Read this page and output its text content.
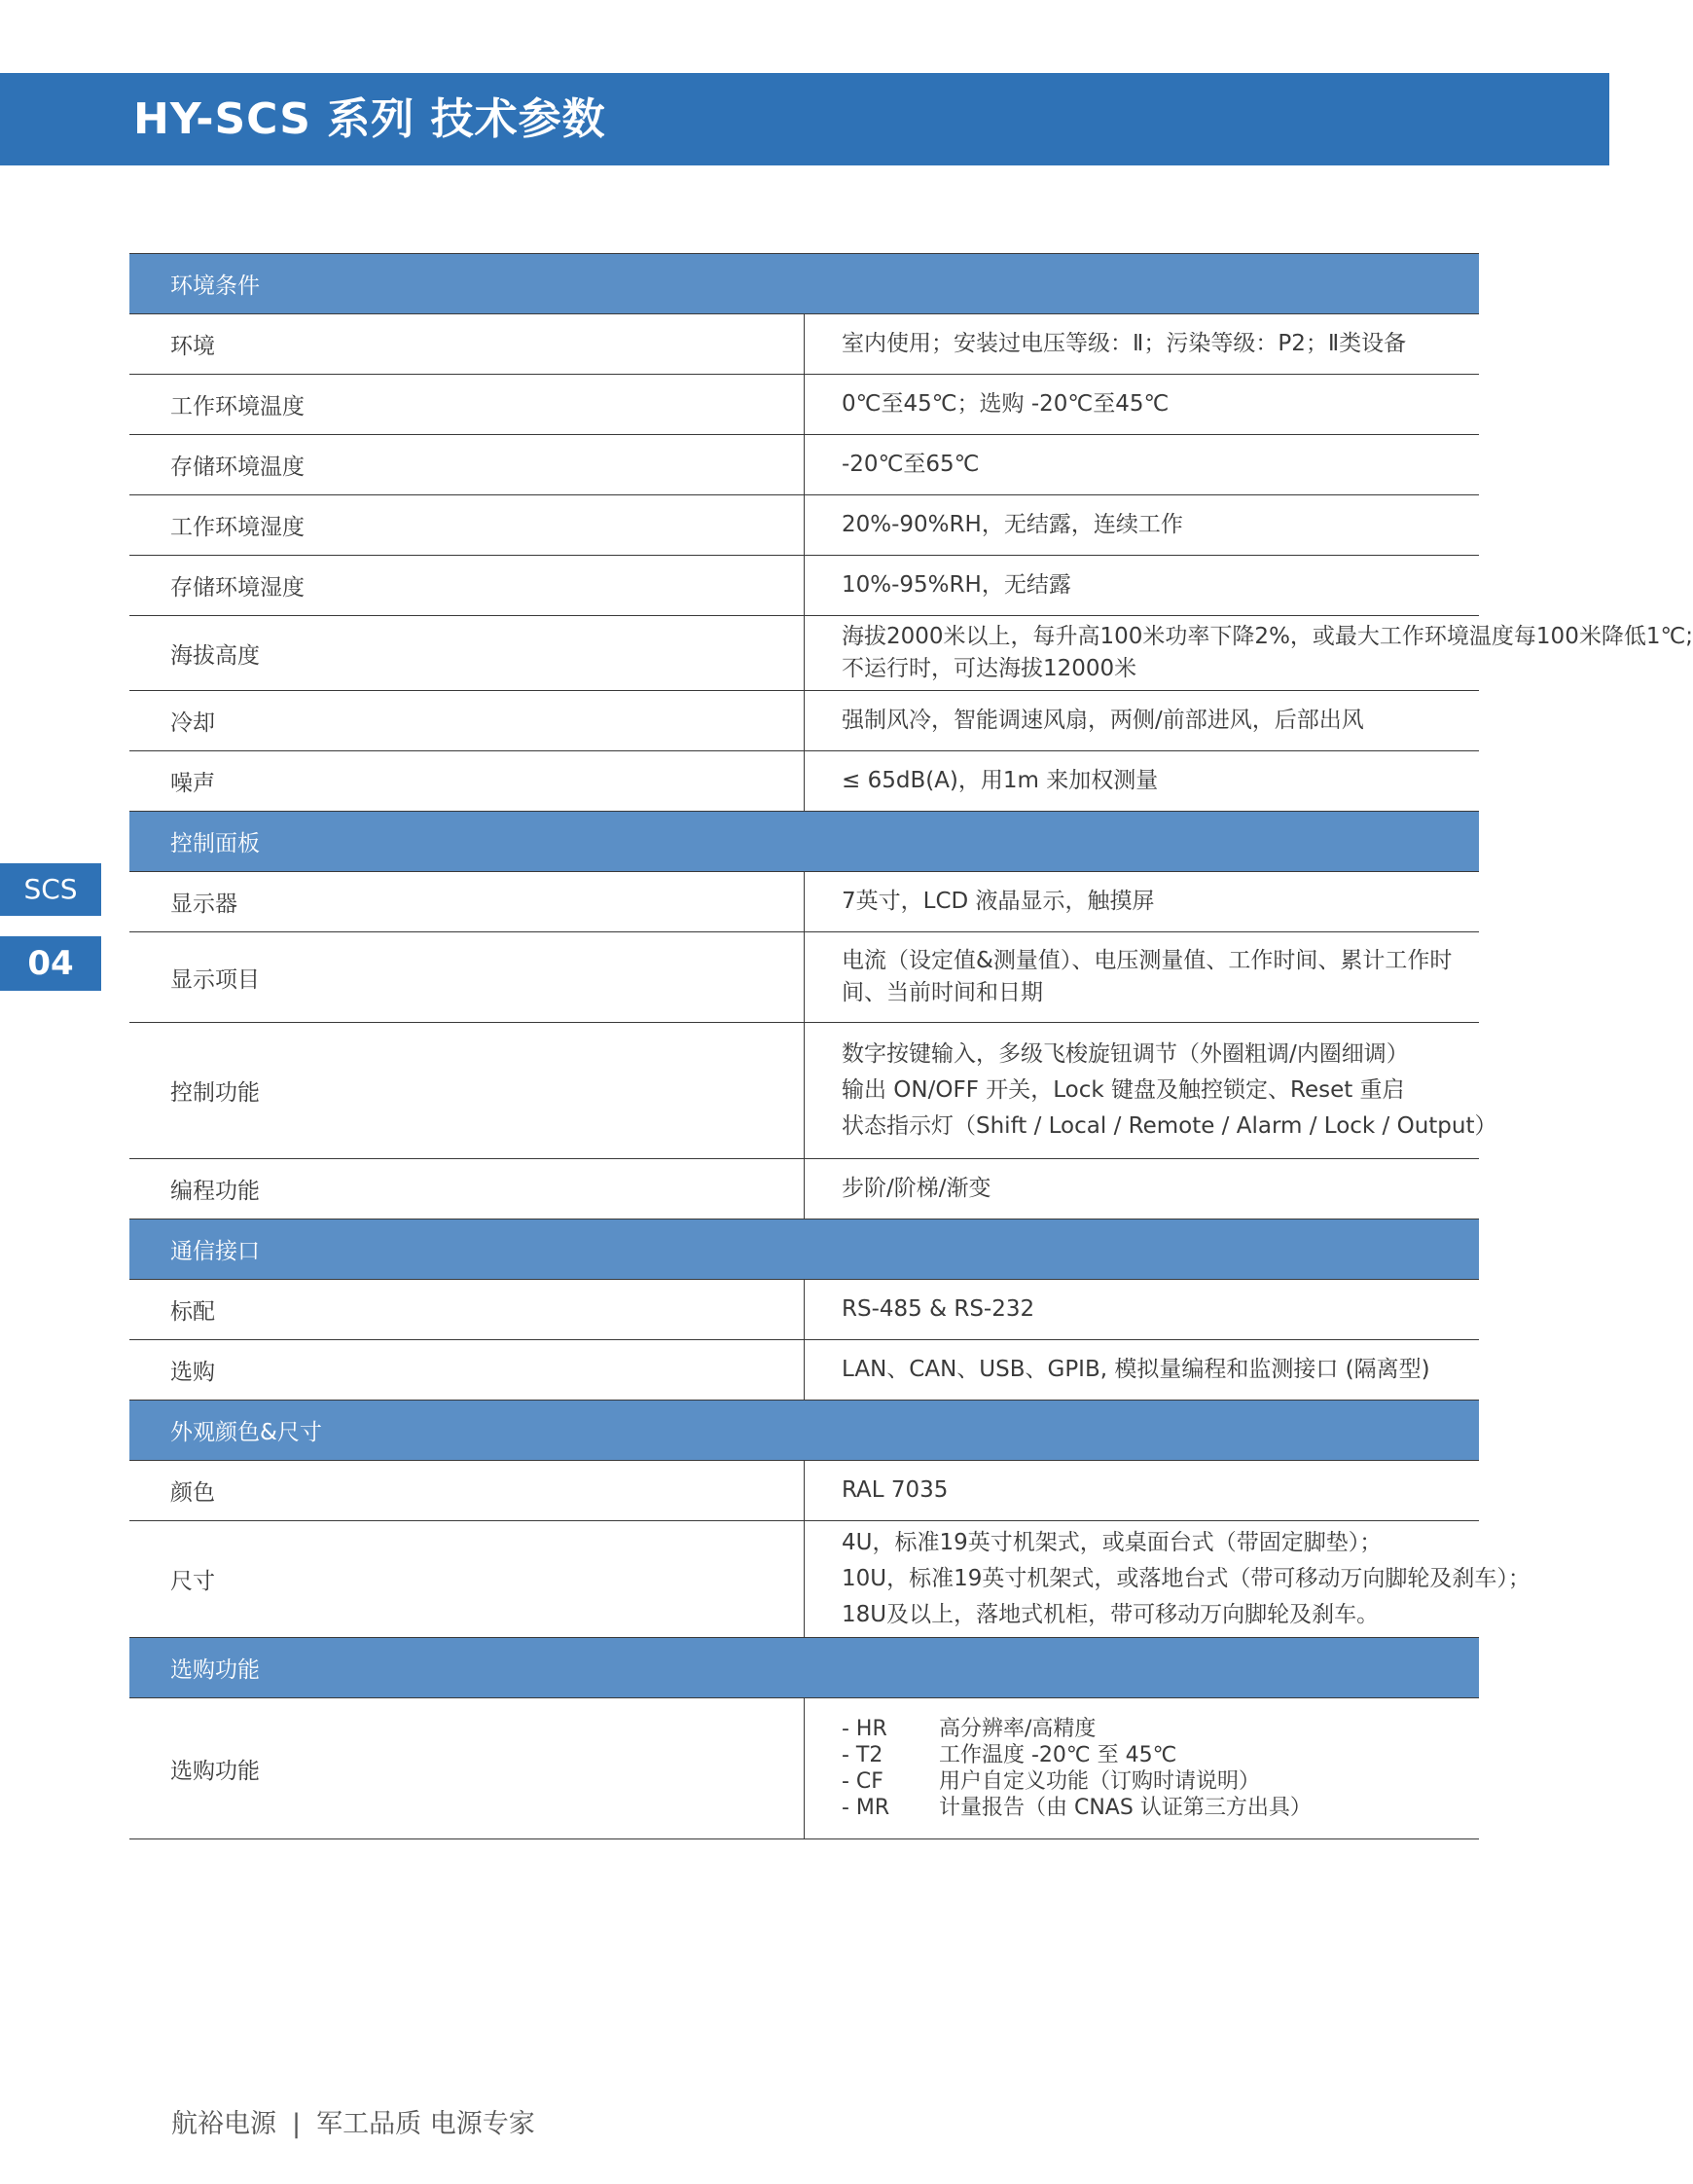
HY-SCS 系列 技术参数
SCS
04
环境条件	
环境	室内使用；安装过电压等级：Ⅱ；污染等级：P2；Ⅱ类设备
工作环境温度	0℃至45℃；选购 -20℃至45℃
存储环境温度	-20℃至65℃
工作环境湿度	20%-90%RH，无结露，连续工作
存储环境湿度	10%-95%RH，无结露
海拔高度	海拔2000米以上，每升高100米功率下降2%，或最大工作环境温度每100米降低1℃;
不运行时，可达海拔12000米

冷却	强制风冷，智能调速风扇，两侧/前部进风，后部出风
噪声	≤ 65dB(A)，用1m 来加权测量
控制面板	
显示器	7英寸，LCD 液晶显示，触摸屏
显示项目	电流（设定值&测量值）、电压测量值、工作时间、累计工作时间、当前时间和日期
控制功能	数字按键输入，多级飞梭旋钮调节（外圈粗调/内圈细调）
输出 ON/OFF 开关，Lock 键盘及触控锁定、Reset 重启
状态指示灯（Shift / Local / Remote / Alarm / Lock / Output）

编程功能	步阶/阶梯/渐变
通信接口	
标配	RS-485 & RS-232
选购	LAN、CAN、USB、GPIB, 模拟量编程和监测接口 (隔离型)
外观颜色&尺寸	
颜色	RAL 7035
尺寸	4U，标准19英寸机架式，或桌面台式（带固定脚垫）；
10U，标准19英寸机架式，或落地台式（带可移动万向脚轮及刹车）；
18U及以上，落地式机柜，带可移动万向脚轮及刹车。

选购功能	
选购功能	- HR 高分辨率/高精度
- T2 工作温度 -20℃ 至 45℃
- CF 用户自定义功能（订购时请说明）
- MR 计量报告（由 CNAS 认证第三方出具）
航裕电源 | 军工品质 电源专家
